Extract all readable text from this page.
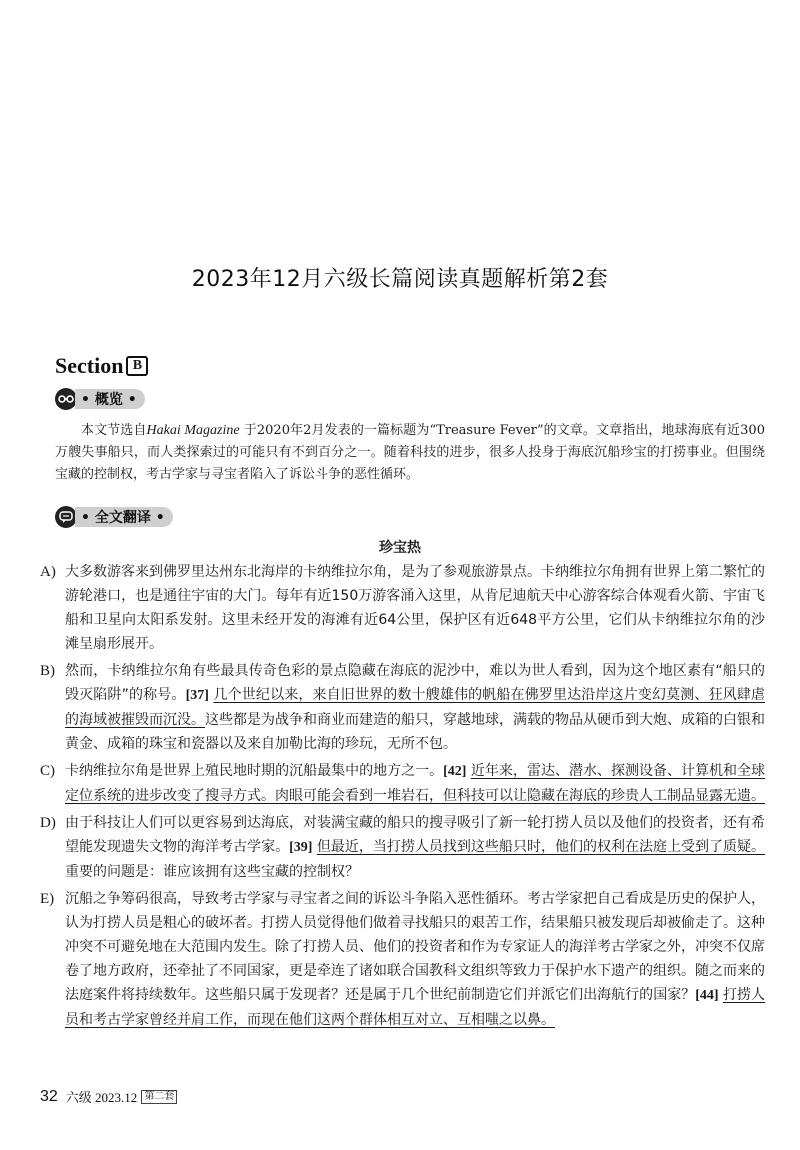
2023年12月六级长篇阅读真题解析第2套
Section B
• 概览 •
本文节选自Hakai Magazine 于2020年2月发表的一篇标题为“Treasure Fever”的文章。文章指出，地球海底有近300万艘失事船只，而人类探索过的可能只有不到百分之一。随着科技的进步，很多人投身于海底沉船珍宝的打捞事业。但围绕宝藏的控制权，考古学家与寻宝者陷入了诉讼斗争的恶性循环。
• 全文翻译 •
珍宝热
A) 大多数游客来到佛罗里达州东北海岸的卡纳维拉尔角，是为了参观旅游景点。卡纳维拉尔角拥有世界上第二繁忙的游轮港口，也是通往宇宙的大门。每年有近150万游客涌入这里，从肯尼迪航天中心游客综合体观看火箭、宇宙飞船和卫星向太阳系发射。这里未经开发的海滩有近64公里，保护区有近648平方公里，它们从卡纳维拉尔角的沙滩呈扇形展开。
B) 然而，卡纳维拉尔角有些最具传奇色彩的景点隐藏在海底的泥沙中，难以为世人看到，因为这个地区素有“船只的毁灭陷阱”的称号。[37] 几个世纪以来，来自旧世界的数十艘雄伟的帆船在佛罗里达沿岸这片变幻莫测、狂风肆虐的海域被摧毁而沉没。这些都是为战争和商业而建造的船只，穿越地球，满载的物品从硬币到大炮、成箱的白银和黄金、成箱的珠宝和瓷器以及来自加勒比海的珍玩，无所不包。
C) 卡纳维拉尔角是世界上殖民地时期的沉船最集中的地方之一。[42] 近年来，雷达、潜水、探测设备、计算机和全球定位系统的进步改变了搜寻方式。肉眼可能会看到一堆岩石，但科技可以让隐藏在海底的珍贵人工制品显露无遗。
D) 由于科技让人们可以更容易到达海底，对装满宝藏的船只的搜寻吸引了新一轮打捞人员以及他们的投资者，还有希望能发现遗失文物的海洋考古学家。[39] 但最近，当打捞人员找到这些船只时，他们的权利在法庭上受到了质疑。重要的问题是：谁应该拥有这些宝藏的控制权？
E) 沉船之争筹码很高，导致考古学家与寻宝者之间的诉讼斗争陷入恶性循环。考古学家把自己看成是历史的保护人，认为打捞人员是粗心的破坏者。打捞人员觉得他们做着寻找船只的艰苦工作，结果船只被发现后却被偷走了。这种冲突不可避免地在大范围内发生。除了打捞人员、他们的投资者和作为专家证人的海洋考古学家之外，冲突不仅席卷了地方政府，还牵扯了不同国家，更是牵连了诸如联合国教科文组织等致力于保护水下遗产的组织。随之而来的法庭案件将持续数年。这些船只属于发现者？还是属于几个世纪前制造它们并派它们出海航行的国家？[44] 打捞人员和考古学家曾经并肩工作，而现在他们这两个群体相互对立、互相嗤之以鼻。
32 六级 2023.12 第二套
